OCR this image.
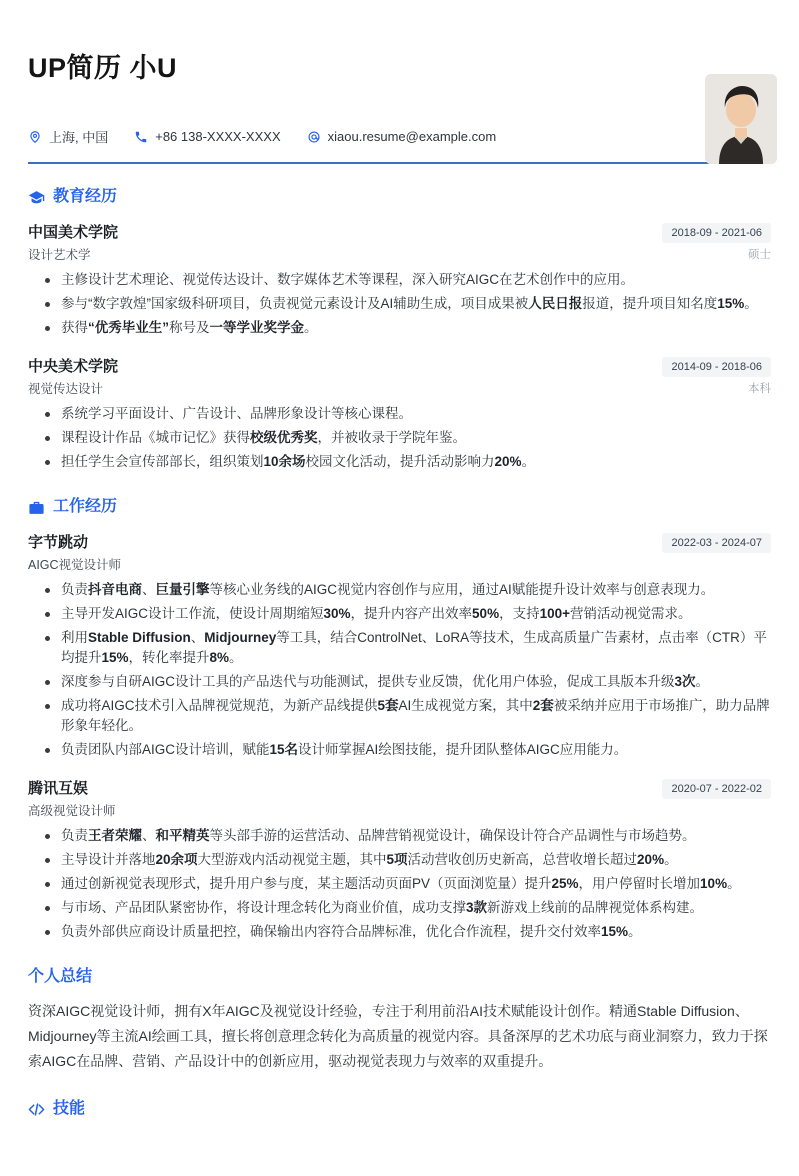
UP简历 小U
上海, 中国	+86 138-XXXX-XXXX	xiaou.resume@example.com
教育经历
中国美术学院	2018-09 - 2021-06
设计艺术学	硕士
主修设计艺术理论、视觉传达设计、数字媒体艺术等课程，深入研究AIGC在艺术创作中的应用。
参与“数字敦煌”国家级科研项目，负责视觉元素设计及AI辅助生成，项目成果被人民日报报道，提升项目知名度15%。
获得“优秀毕业生”称号及一等学业奖学金。
中央美术学院	2014-09 - 2018-06
视觉传达设计	本科
系统学习平面设计、广告设计、品牌形象设计等核心课程。
课程设计作品《城市记忆》获得校级优秀奖，并被收录于学院年鉴。
担任学生会宣传部部长，组织策划10余场校园文化活动，提升活动影响力20%。
工作经历
字节跳动	2022-03 - 2024-07
AIGC视觉设计师
负责抖音电商、巨量引擎等核心业务线的AIGC视觉内容创作与应用，通过AI赋能提升设计效率与创意表现力。
主导开发AIGC设计工作流，使设计周期缩短30%，提升内容产出效率50%，支持100+营销活动视觉需求。
利用Stable Diffusion、Midjourney等工具，结合ControlNet、LoRA等技术，生成高质量广告素材，点击率（CTR）平均提升15%，转化率提升8%。
深度参与自研AIGC设计工具的产品迭代与功能测试，提供专业反馈，优化用户体验，促成工具版本升级3次。
成功将AIGC技术引入品牌视觉规范，为新产品线提供5套AI生成视觉方案，其中2套被采纳并应用于市场推广，助力品牌形象年轻化。
负责团队内部AIGC设计培训，赋能15名设计师掌握AI绘图技能，提升团队整体AIGC应用能力。
腾讯互娱	2020-07 - 2022-02
高级视觉设计师
负责王者荣耀、和平精英等头部手游的运营活动、品牌营销视觉设计，确保设计符合产品调性与市场趋势。
主导设计并落地20余项大型游戏内活动视觉主题，其中5项活动营收创历史新高，总营收增长超过20%。
通过创新视觉表现形式，提升用户参与度，某主题活动页面PV（页面浏览量）提升25%，用户停留时长增加10%。
与市场、产品团队紧密协作，将设计理念转化为商业价值，成功支撑3款新游戏上线前的品牌视觉体系构建。
负责外部供应商设计质量把控，确保输出内容符合品牌标准，优化合作流程，提升交付效率15%。
个人总结

资深AIGC视觉设计师，拥有X年AIGC及视觉设计经验，专注于利用前沿AI技术赋能设计创作。精通Stable Diffusion、Midjourney等主流AI绘画工具，擅长将创意理念转化为高质量的视觉内容。具备深厚的艺术功底与商业洞察力，致力于探索AIGC在品牌、营销、产品设计中的创新应用，驱动视觉表现力与效率的双重提升。

技能
